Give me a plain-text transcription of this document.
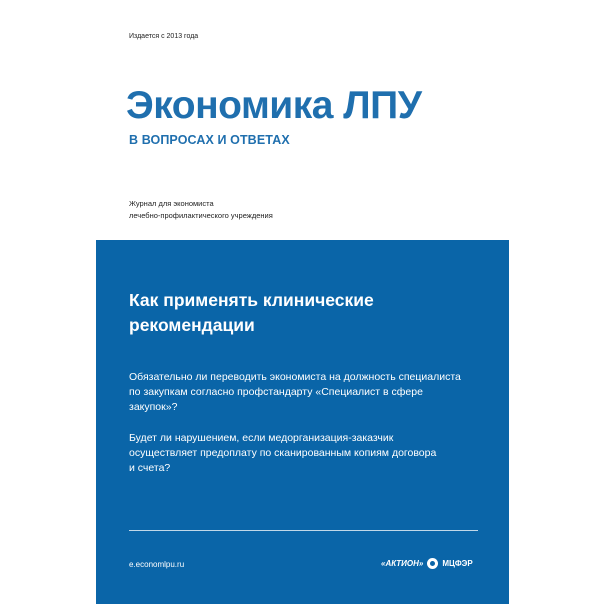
Издается с 2013 года
Экономика ЛПУ
В ВОПРОСАХ И ОТВЕТАХ
Журнал для экономиста
лечебно-профилактического учреждения
Как применять клинические
рекомендации
Обязательно ли переводить экономиста на должность специалиста
по закупкам согласно профстандарту «Специалист в сфере
закупок»?
Будет ли нарушением, если медорганизация-заказчик
осуществляет предоплату по сканированным копиям договора
и счета?
e.economlpu.ru	«АКТИОН» МЦФЭР
